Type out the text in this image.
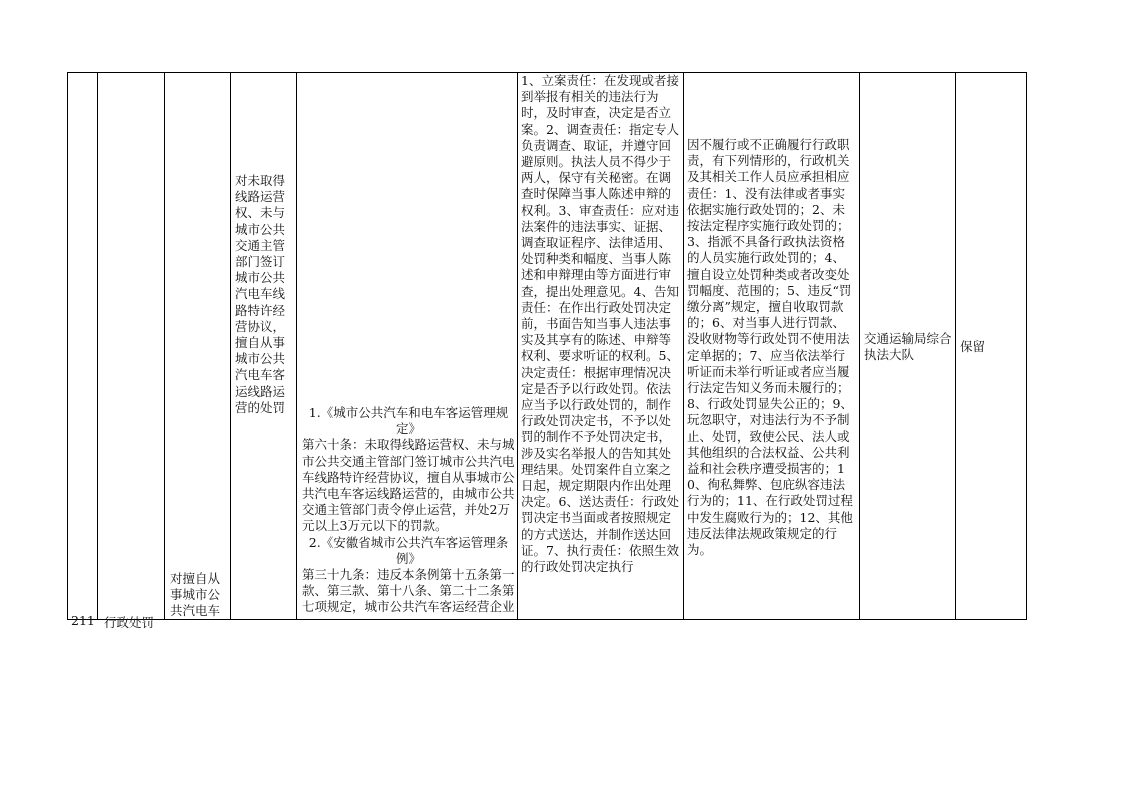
211 行政处罚
对擅自从事城市公共汽电车
对未取得线路运营权、未与城市公共交通主管部门签订城市公共汽电车线路特许经营协议，擅自从事城市公共汽电车客运线路运营的处罚	1.《城市公共汽车和电车客运管理规定》

第六十条：未取得线路运营权、未与城市公共交通主管部门签订城市公共汽电车线路特许经营协议，擅自从事城市公共汽电车客运线路运营的，由城市公共交通主管部门责令停止运营，并处2万元以上3万元以下的罚款。

2.《安徽省城市公共汽车客运管理条例》

第三十九条：违反本条例第十五条第一款、第三款、第十八条、第二十二条第七项规定，城市公共汽车客运经营企业

1、立案责任：在发现或者接到举报有相关的违法行为时，及时审查，决定是否立案。2、调查责任：指定专人负责调查、取证，并遵守回避原则。执法人员不得少于两人，保守有关秘密。在调查时保障当事人陈述申辩的权利。3、审查责任：应对违法案件的违法事实、证据、调查取证程序、法律适用、处罚种类和幅度、当事人陈述和申辩理由等方面进行审查，提出处理意见。4、告知责任：在作出行政处罚决定前，书面告知当事人违法事实及其享有的陈述、申辩等权利、要求听证的权利。5、决定责任：根据审理情况决定是否予以行政处罚。依法应当予以行政处罚的，制作行政处罚决定书，不予以处罚的制作不予处罚决定书，涉及实名举报人的告知其处理结果。处罚案件自立案之日起，规定期限内作出处理决定。6、送达责任：行政处罚决定书当面或者按照规定的方式送达，并制作送达回证。7、执行责任：依照生效的行政处罚决定执行
因不履行或不正确履行行政职责，有下列情形的，行政机关及其相关工作人员应承担相应责任：1、没有法律或者事实依据实施行政处罚的；2、未按法定程序实施行政处罚的；3、指派不具备行政执法资格的人员实施行政处罚的；4、擅自设立处罚种类或者改变处罚幅度、范围的；5、违反“罚缴分离”规定，擅自收取罚款的；6、对当事人进行罚款、没收财物等行政处罚不使用法定单据的；7、应当依法举行听证而未举行听证或者应当履行法定告知义务而未履行的；8、行政处罚显失公正的；9、玩忽职守，对违法行为不予制止、处罚，致使公民、法人或其他组织的合法权益、公共利益和社会秩序遭受损害的；10、徇私舞弊、包庇纵容违法行为的；11、在行政处罚过程中发生腐败行为的；12、其他违反法律法规政策规定的行为。
交通运输局综合执法大队
保留
